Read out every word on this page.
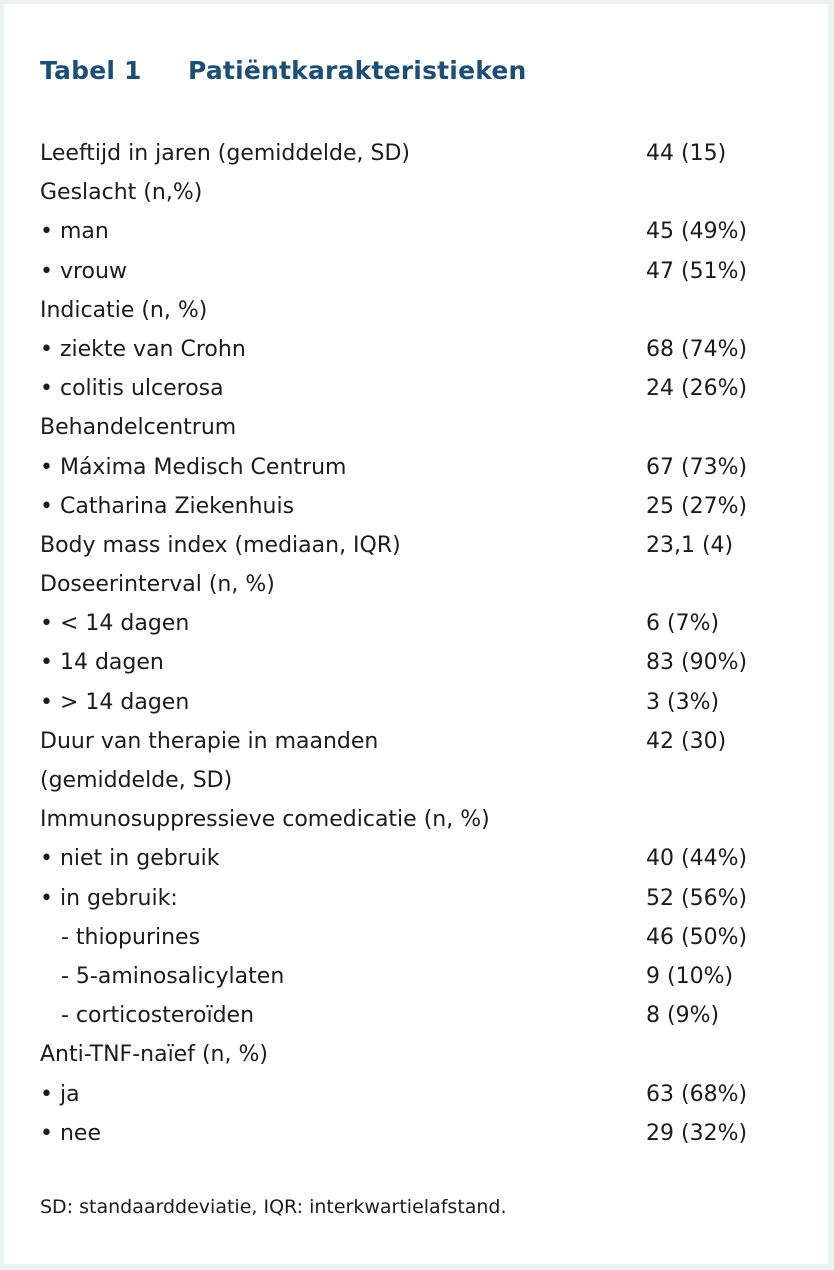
Tabel 1 Patiëntkarakteristieken
Leeftijd in jaren (gemiddelde, SD)	44 (15)
Geslacht (n,%)
• man	45 (49%)
• vrouw	47 (51%)
Indicatie (n, %)
• ziekte van Crohn	68 (74%)
• colitis ulcerosa	24 (26%)
Behandelcentrum
• Máxima Medisch Centrum	67 (73%)
• Catharina Ziekenhuis	25 (27%)
Body mass index (mediaan, IQR)	23,1 (4)
Doseerinterval (n, %)
• < 14 dagen	6 (7%)
• 14 dagen	83 (90%)
• > 14 dagen	3 (3%)
Duur van therapie in maanden	42 (30)
(gemiddelde, SD)
Immunosuppressieve comedicatie (n, %)
• niet in gebruik	40 (44%)
• in gebruik:	52 (56%)
- thiopurines	46 (50%)
- 5-aminosalicylaten	9 (10%)
- corticosteroïden	8 (9%)
Anti-TNF-naïef (n, %)
• ja	63 (68%)
• nee	29 (32%)

SD: standaarddeviatie, IQR: interkwartielafstand.
